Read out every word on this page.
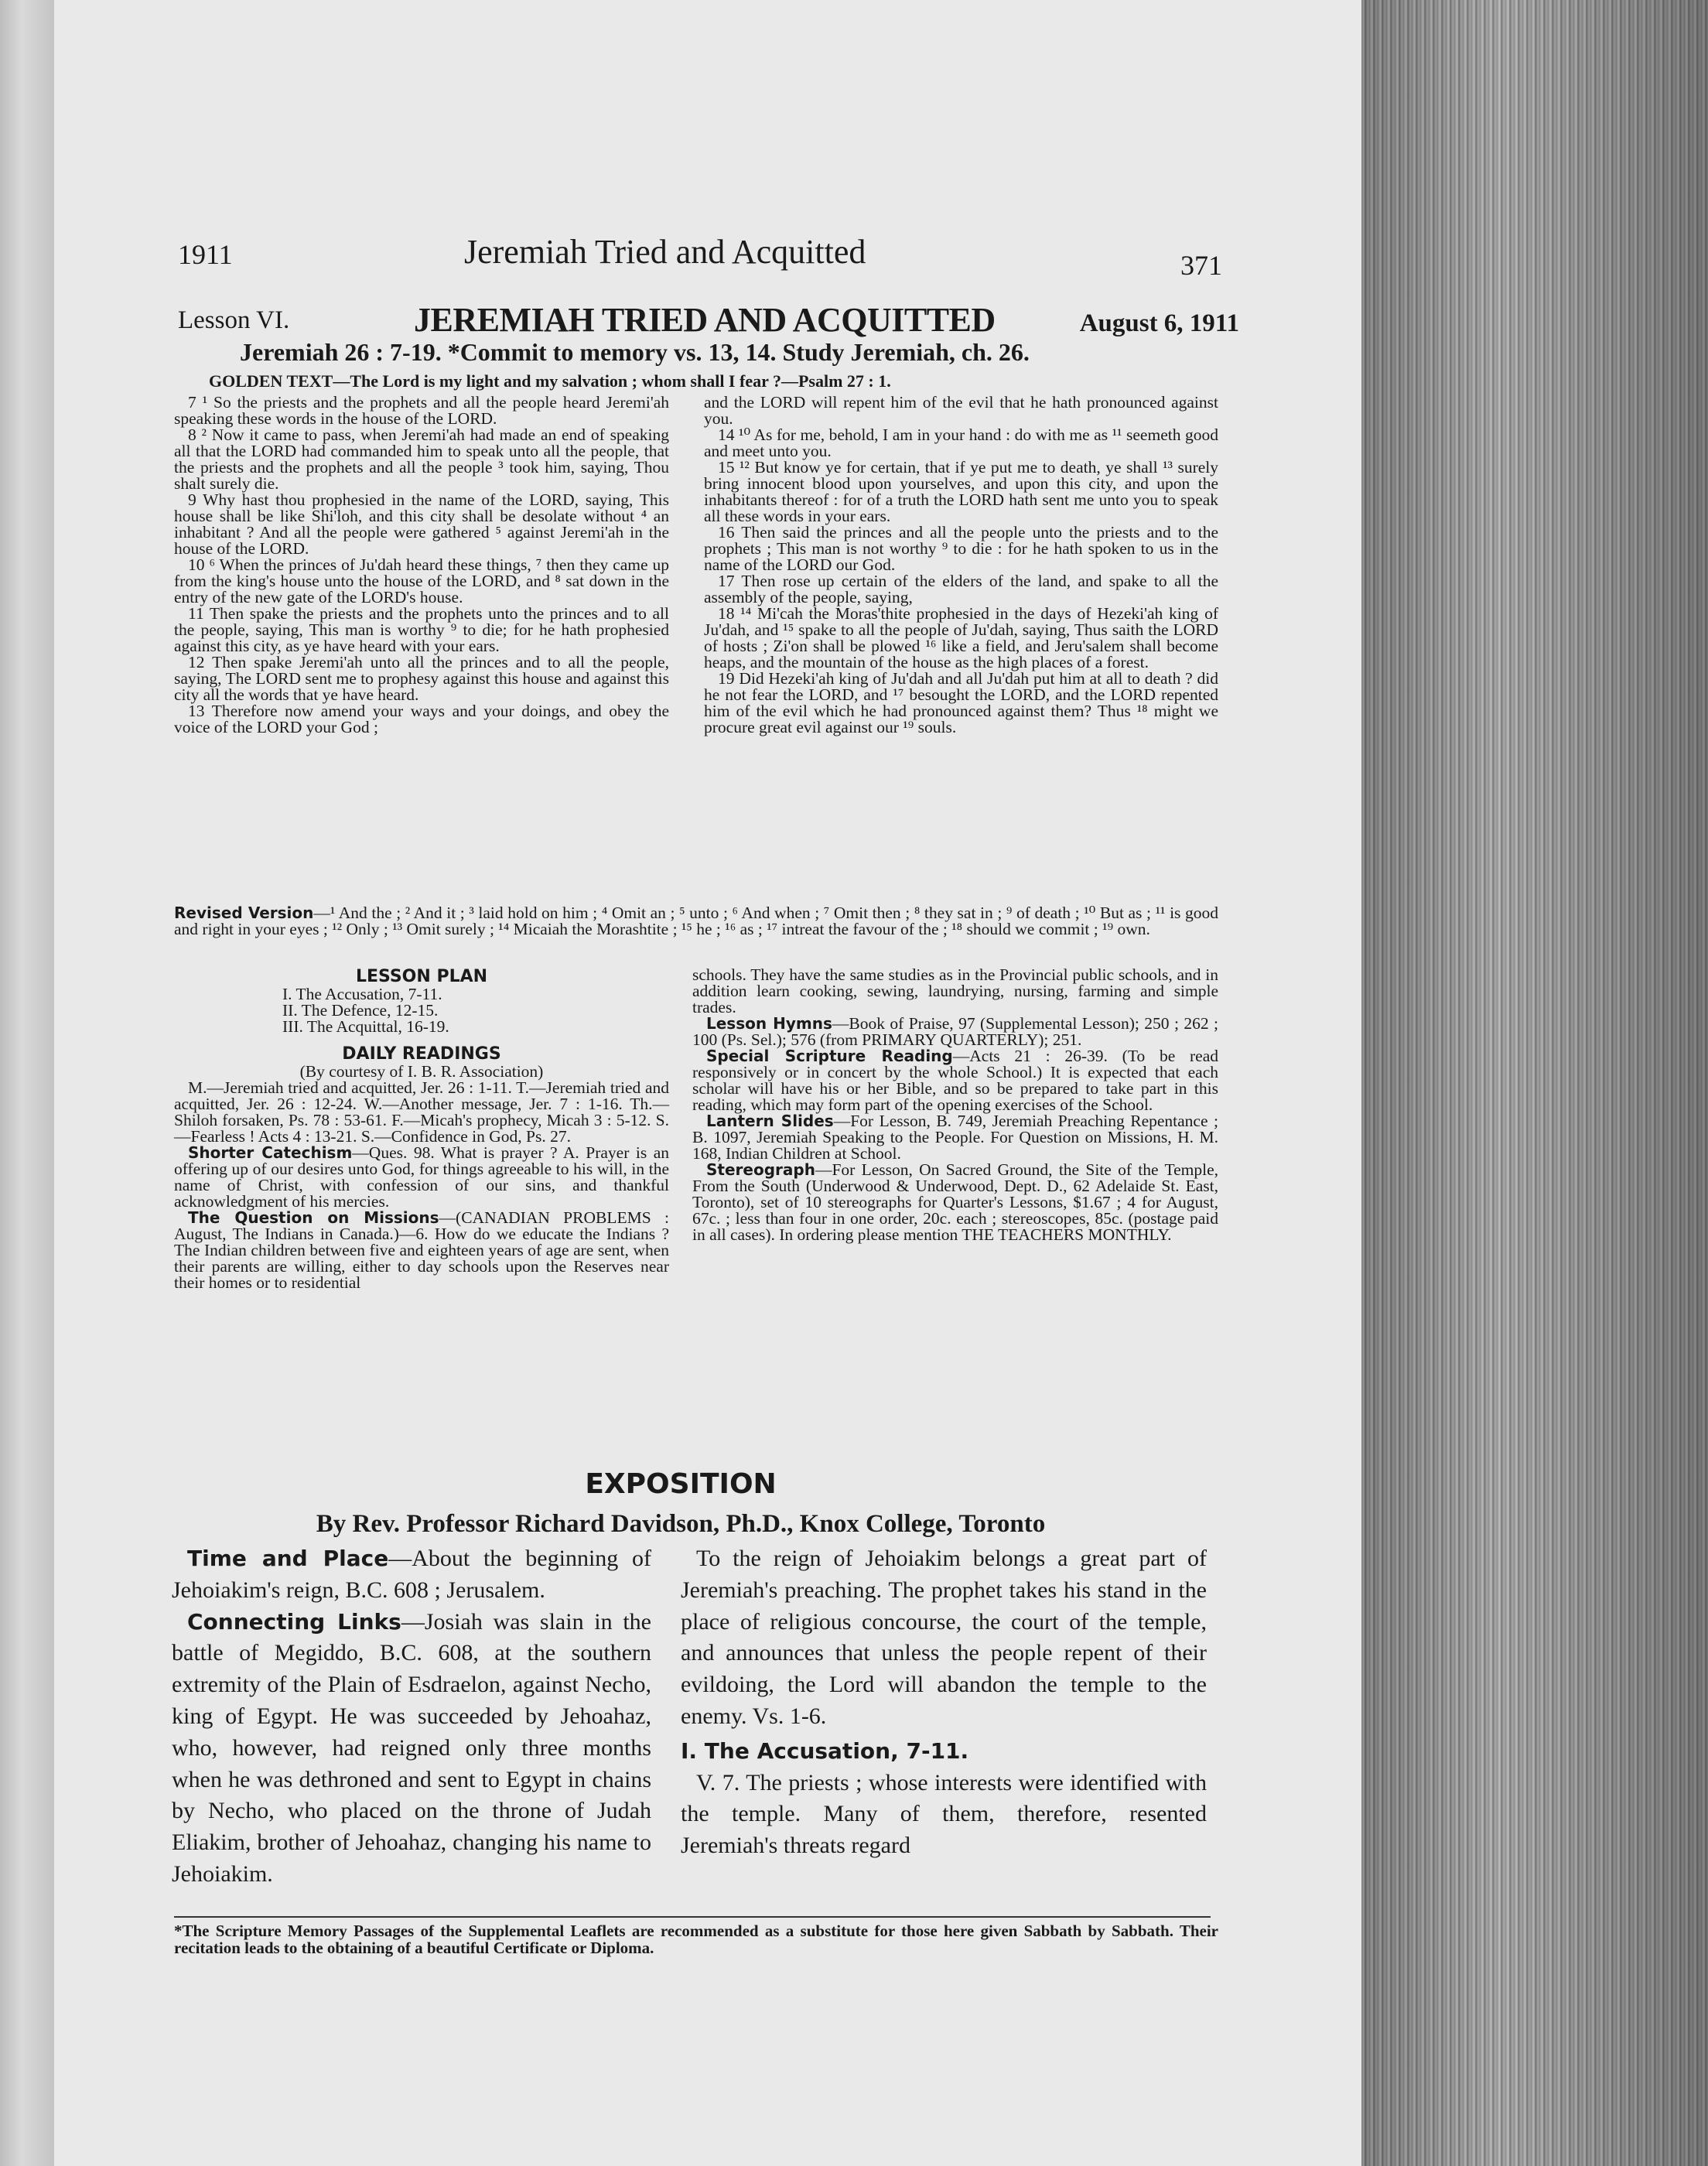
1911	Jeremiah Tried and Acquitted	371
Lesson VI.	JEREMIAH TRIED AND ACQUITTED	August 6, 1911
Jeremiah 26 : 7-19. *Commit to memory vs. 13, 14. Study Jeremiah, ch. 26.
GOLDEN TEXT—The Lord is my light and my salvation ; whom shall I fear ?—Psalm 27 : 1.

7 ¹ So the priests and the prophets and all the people heard Jeremi'ah speaking these words in the house of the LORD.

8 ² Now it came to pass, when Jeremi'ah had made an end of speaking all that the LORD had commanded him to speak unto all the people, that the priests and the prophets and all the people ³ took him, saying, Thou shalt surely die.

9 Why hast thou prophesied in the name of the LORD, saying, This house shall be like Shi'loh, and this city shall be desolate without ⁴ an inhabitant ? And all the people were gathered ⁵ against Jeremi'ah in the house of the LORD.

10 ⁶ When the princes of Ju'dah heard these things, ⁷ then they came up from the king's house unto the house of the LORD, and ⁸ sat down in the entry of the new gate of the LORD's house.

11 Then spake the priests and the prophets unto the princes and to all the people, saying, This man is worthy ⁹ to die; for he hath prophesied against this city, as ye have heard with your ears.

12 Then spake Jeremi'ah unto all the princes and to all the people, saying, The LORD sent me to prophesy against this house and against this city all the words that ye have heard.

13 Therefore now amend your ways and your doings, and obey the voice of the LORD your God ;

and the LORD will repent him of the evil that he hath pronounced against you.

14 ¹⁰ As for me, behold, I am in your hand : do with me as ¹¹ seemeth good and meet unto you.

15 ¹² But know ye for certain, that if ye put me to death, ye shall ¹³ surely bring innocent blood upon yourselves, and upon this city, and upon the inhabitants thereof : for of a truth the LORD hath sent me unto you to speak all these words in your ears.

16 Then said the princes and all the people unto the priests and to the prophets ; This man is not worthy ⁹ to die : for he hath spoken to us in the name of the LORD our God.

17 Then rose up certain of the elders of the land, and spake to all the assembly of the people, saying,

18 ¹⁴ Mi'cah the Moras'thite prophesied in the days of Hezeki'ah king of Ju'dah, and ¹⁵ spake to all the people of Ju'dah, saying, Thus saith the LORD of hosts ; Zi'on shall be plowed ¹⁶ like a field, and Jeru'salem shall become heaps, and the mountain of the house as the high places of a forest.

19 Did Hezeki'ah king of Ju'dah and all Ju'dah put him at all to death ? did he not fear the LORD, and ¹⁷ besought the LORD, and the LORD repented him of the evil which he had pronounced against them? Thus ¹⁸ might we procure great evil against our ¹⁹ souls.

Revised Version—¹ And the ; ² And it ; ³ laid hold on him ; ⁴ Omit an ; ⁵ unto ; ⁶ And when ; ⁷ Omit then ; ⁸ they sat in ; ⁹ of death ; ¹⁰ But as ; ¹¹ is good and right in your eyes ; ¹² Only ; ¹³ Omit surely ; ¹⁴ Micaiah the Morashtite ; ¹⁵ he ; ¹⁶ as ; ¹⁷ intreat the favour of the ; ¹⁸ should we commit ; ¹⁹ own.
LESSON PLAN
I. The Accusation, 7-11.
II. The Defence, 12-15.
III. The Acquittal, 16-19.
DAILY READINGS

(By courtesy of I. B. R. Association)

M.—Jeremiah tried and acquitted, Jer. 26 : 1-11. T.—Jeremiah tried and acquitted, Jer. 26 : 12-24. W.—Another message, Jer. 7 : 1-16. Th.—Shiloh forsaken, Ps. 78 : 53-61. F.—Micah's prophecy, Micah 3 : 5-12. S.—Fearless ! Acts 4 : 13-21. S.—Confidence in God, Ps. 27.

Shorter Catechism—Ques. 98. What is prayer ? A. Prayer is an offering up of our desires unto God, for things agreeable to his will, in the name of Christ, with confession of our sins, and thankful acknowledgment of his mercies.

The Question on Missions—(CANADIAN PROBLEMS : August, The Indians in Canada.)—6. How do we educate the Indians ? The Indian children between five and eighteen years of age are sent, when their parents are willing, either to day schools upon the Reserves near their homes or to residential

schools. They have the same studies as in the Provincial public schools, and in addition learn cooking, sewing, laundrying, nursing, farming and simple trades.

Lesson Hymns—Book of Praise, 97 (Supplemental Lesson); 250 ; 262 ; 100 (Ps. Sel.); 576 (from PRIMARY QUARTERLY); 251.

Special Scripture Reading—Acts 21 : 26-39. (To be read responsively or in concert by the whole School.) It is expected that each scholar will have his or her Bible, and so be prepared to take part in this reading, which may form part of the opening exercises of the School.

Lantern Slides—For Lesson, B. 749, Jeremiah Preaching Repentance ; B. 1097, Jeremiah Speaking to the People. For Question on Missions, H. M. 168, Indian Children at School.

Stereograph—For Lesson, On Sacred Ground, the Site of the Temple, From the South (Underwood & Underwood, Dept. D., 62 Adelaide St. East, Toronto), set of 10 stereographs for Quarter's Lessons, $1.67 ; 4 for August, 67c. ; less than four in one order, 20c. each ; stereoscopes, 85c. (postage paid in all cases). In ordering please mention THE TEACHERS MONTHLY.

EXPOSITION
By Rev. Professor Richard Davidson, Ph.D., Knox College, Toronto

Time and Place—About the beginning of Jehoiakim's reign, B.C. 608 ; Jerusalem.

Connecting Links—Josiah was slain in the battle of Megiddo, B.C. 608, at the southern extremity of the Plain of Esdraelon, against Necho, king of Egypt. He was succeeded by Jehoahaz, who, however, had reigned only three months when he was dethroned and sent to Egypt in chains by Necho, who placed on the throne of Judah Eliakim, brother of Jehoahaz, changing his name to Jehoiakim.

To the reign of Jehoiakim belongs a great part of Jeremiah's preaching. The prophet takes his stand in the place of religious concourse, the court of the temple, and announces that unless the people repent of their evildoing, the Lord will abandon the temple to the enemy. Vs. 1-6.

I. The Accusation, 7-11.

V. 7. The priests ; whose interests were identified with the temple. Many of them, therefore, resented Jeremiah's threats regard

*The Scripture Memory Passages of the Supplemental Leaflets are recommended as a substitute for those here given Sabbath by Sabbath. Their recitation leads to the obtaining of a beautiful Certificate or Diploma.
